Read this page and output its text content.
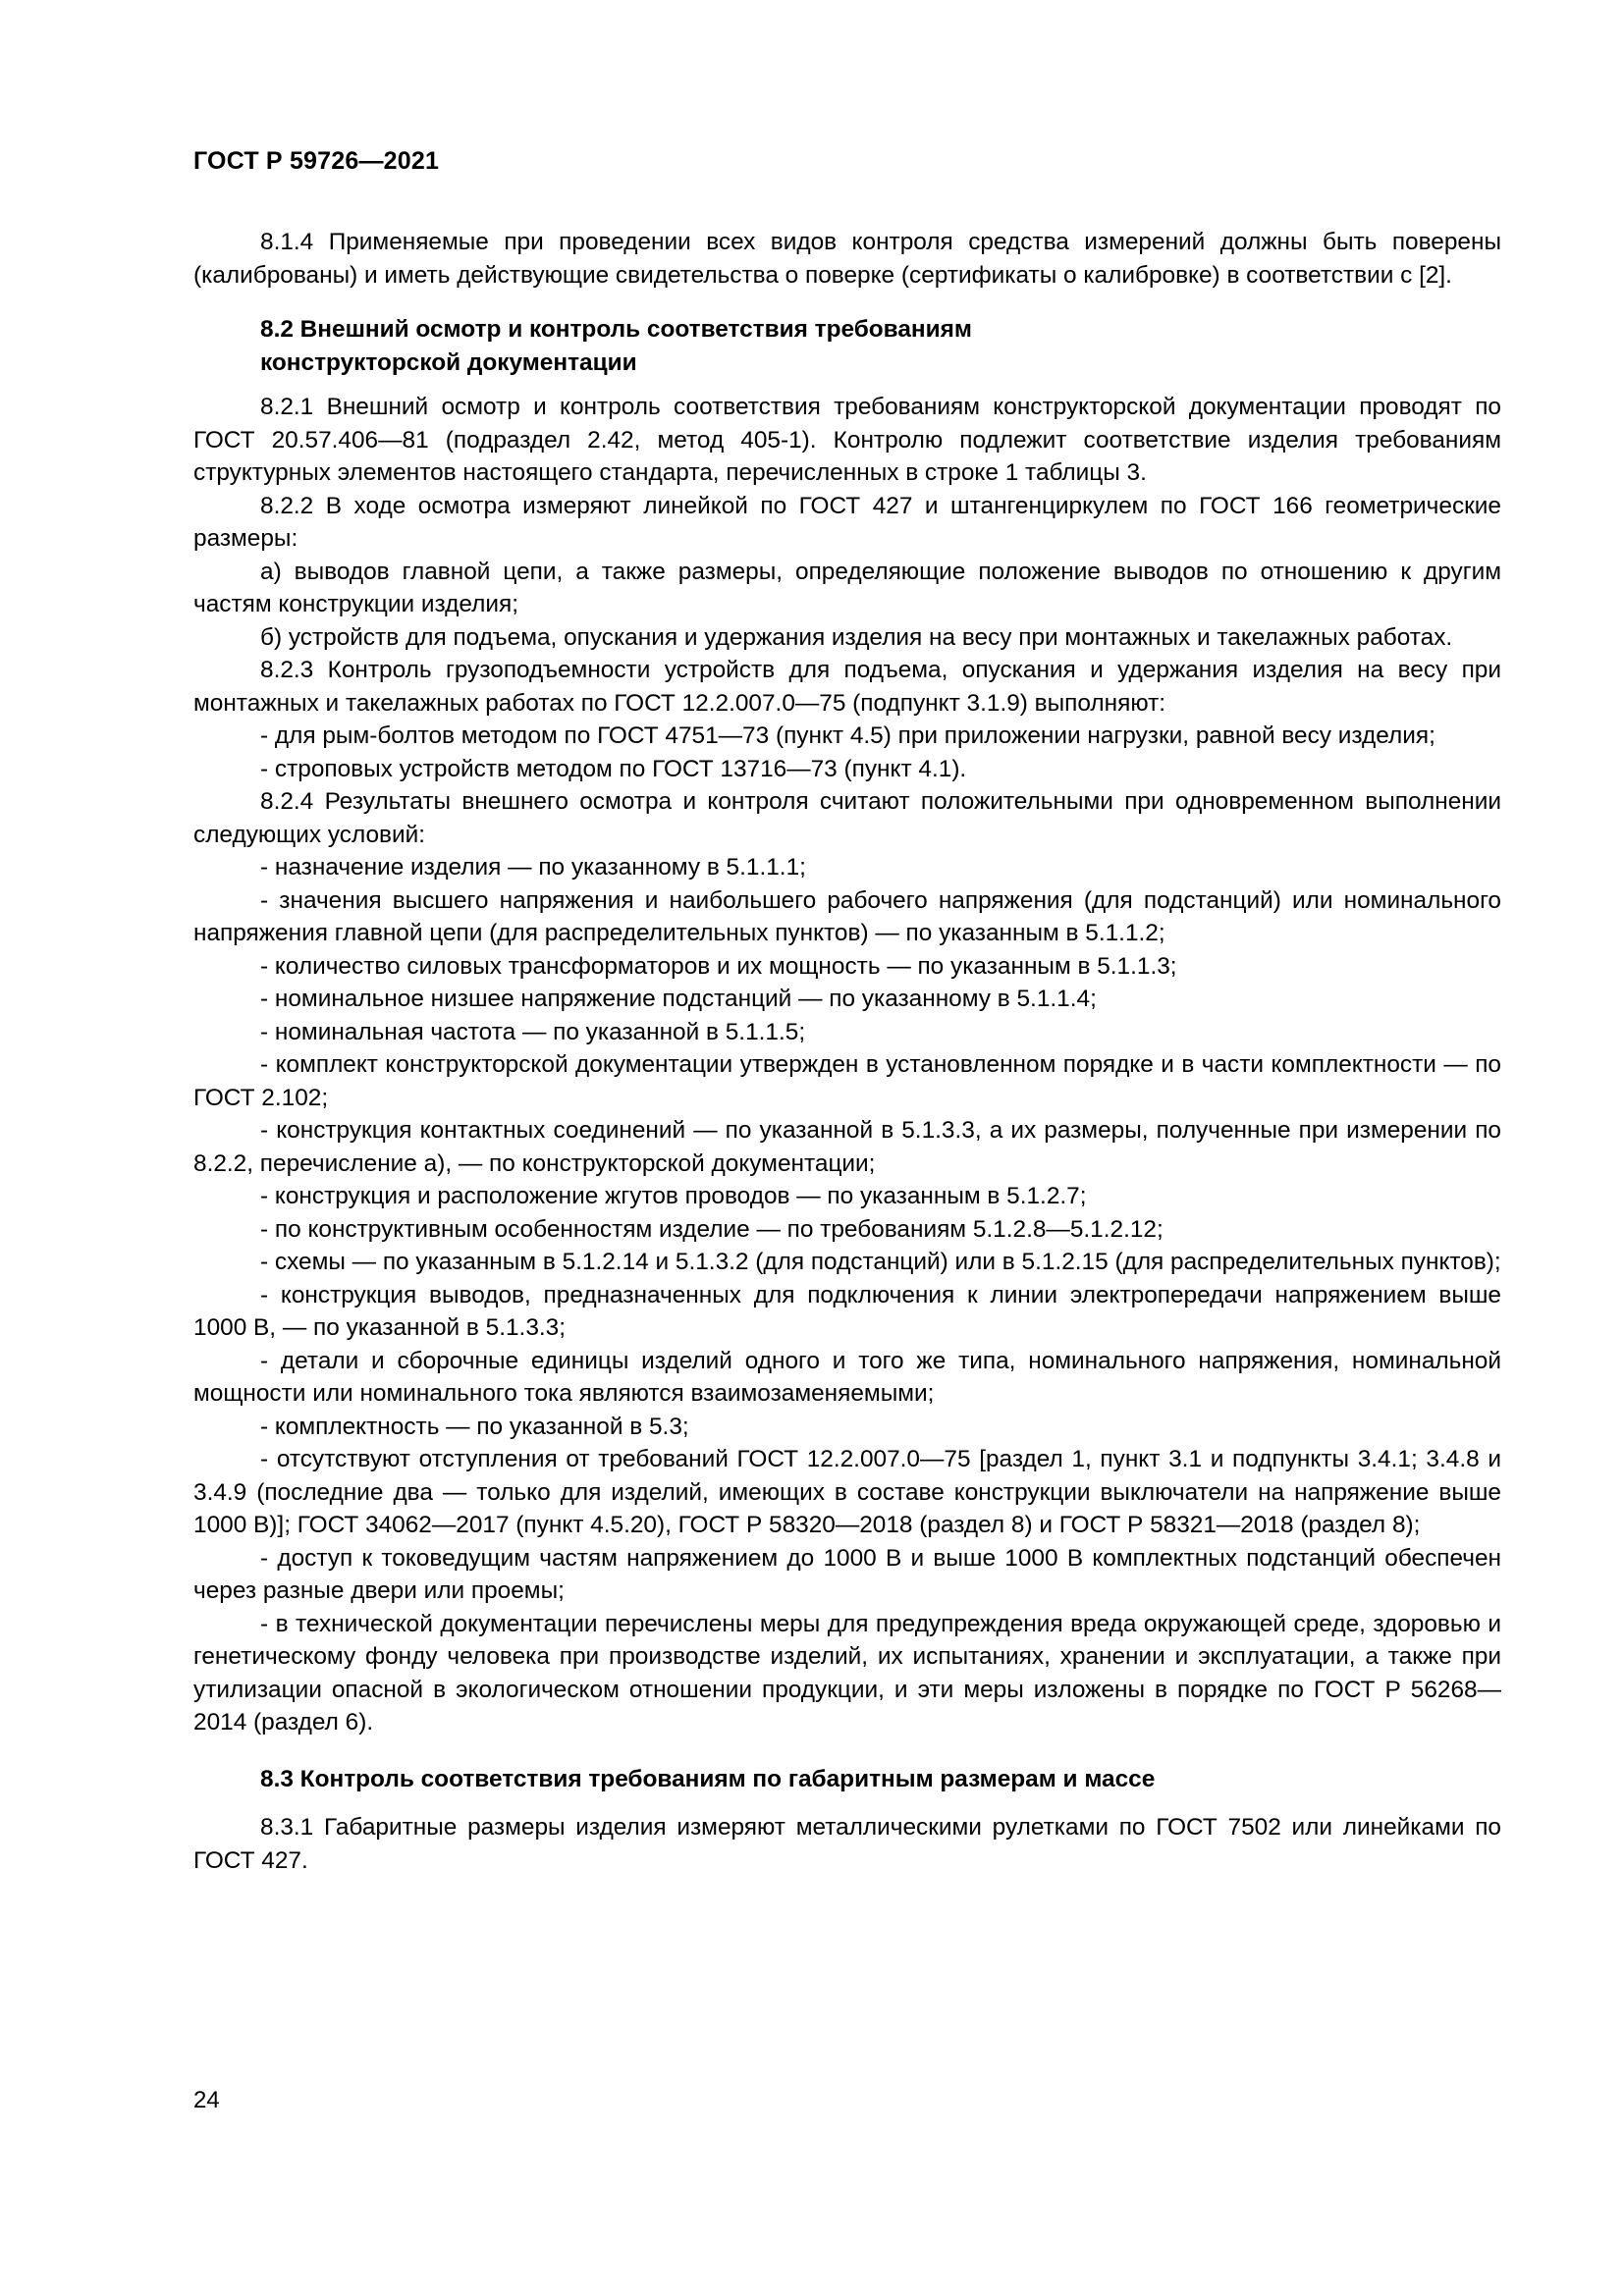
ГОСТ Р 59726—2021

8.1.4 Применяемые при проведении всех видов контроля средства измерений должны быть поверены (калиброваны) и иметь действующие свидетельства о поверке (сертификаты о калибровке) в соответствии с [2].

8.2 Внешний осмотр и контроль соответствия требованиям конструкторской документации

8.2.1 Внешний осмотр и контроль соответствия требованиям конструкторской документации проводят по ГОСТ 20.57.406—81 (подраздел 2.42, метод 405-1). Контролю подлежит соответствие изделия требованиям структурных элементов настоящего стандарта, перечисленных в строке 1 таблицы 3.

8.2.2 В ходе осмотра измеряют линейкой по ГОСТ 427 и штангенциркулем по ГОСТ 166 геометрические размеры:

а) выводов главной цепи, а также размеры, определяющие положение выводов по отношению к другим частям конструкции изделия;

б) устройств для подъема, опускания и удержания изделия на весу при монтажных и такелажных работах.

8.2.3 Контроль грузоподъемности устройств для подъема, опускания и удержания изделия на весу при монтажных и такелажных работах по ГОСТ 12.2.007.0—75 (подпункт 3.1.9) выполняют:

- для рым-болтов методом по ГОСТ 4751—73 (пункт 4.5) при приложении нагрузки, равной весу изделия;

- строповых устройств методом по ГОСТ 13716—73 (пункт 4.1).

8.2.4 Результаты внешнего осмотра и контроля считают положительными при одновременном выполнении следующих условий:

- назначение изделия — по указанному в 5.1.1.1;

- значения высшего напряжения и наибольшего рабочего напряжения (для подстанций) или номинального напряжения главной цепи (для распределительных пунктов) — по указанным в 5.1.1.2;

- количество силовых трансформаторов и их мощность — по указанным в 5.1.1.3;

- номинальное низшее напряжение подстанций — по указанному в 5.1.1.4;

- номинальная частота — по указанной в 5.1.1.5;

- комплект конструкторской документации утвержден в установленном порядке и в части комплектности — по ГОСТ 2.102;

- конструкция контактных соединений — по указанной в 5.1.3.3, а их размеры, полученные при измерении по 8.2.2, перечисление а), — по конструкторской документации;

- конструкция и расположение жгутов проводов — по указанным в 5.1.2.7;

- по конструктивным особенностям изделие — по требованиям 5.1.2.8—5.1.2.12;

- схемы — по указанным в 5.1.2.14 и 5.1.3.2 (для подстанций) или в 5.1.2.15 (для распределительных пунктов);

- конструкция выводов, предназначенных для подключения к линии электропередачи напряжением выше 1000 В, — по указанной в 5.1.3.3;

- детали и сборочные единицы изделий одного и того же типа, номинального напряжения, номинальной мощности или номинального тока являются взаимозаменяемыми;

- комплектность — по указанной в 5.3;

- отсутствуют отступления от требований ГОСТ 12.2.007.0—75 [раздел 1, пункт 3.1 и подпункты 3.4.1; 3.4.8 и 3.4.9 (последние два — только для изделий, имеющих в составе конструкции выключатели на напряжение выше 1000 В)]; ГОСТ 34062—2017 (пункт 4.5.20), ГОСТ Р 58320—2018 (раздел 8) и ГОСТ Р 58321—2018 (раздел 8);

- доступ к токоведущим частям напряжением до 1000 В и выше 1000 В комплектных подстанций обеспечен через разные двери или проемы;

- в технической документации перечислены меры для предупреждения вреда окружающей среде, здоровью и генетическому фонду человека при производстве изделий, их испытаниях, хранении и эксплуатации, а также при утилизации опасной в экологическом отношении продукции, и эти меры изложены в порядке по ГОСТ Р 56268—2014 (раздел 6).

8.3 Контроль соответствия требованиям по габаритным размерам и массе

8.3.1 Габаритные размеры изделия измеряют металлическими рулетками по ГОСТ 7502 или линейками по ГОСТ 427.

24
